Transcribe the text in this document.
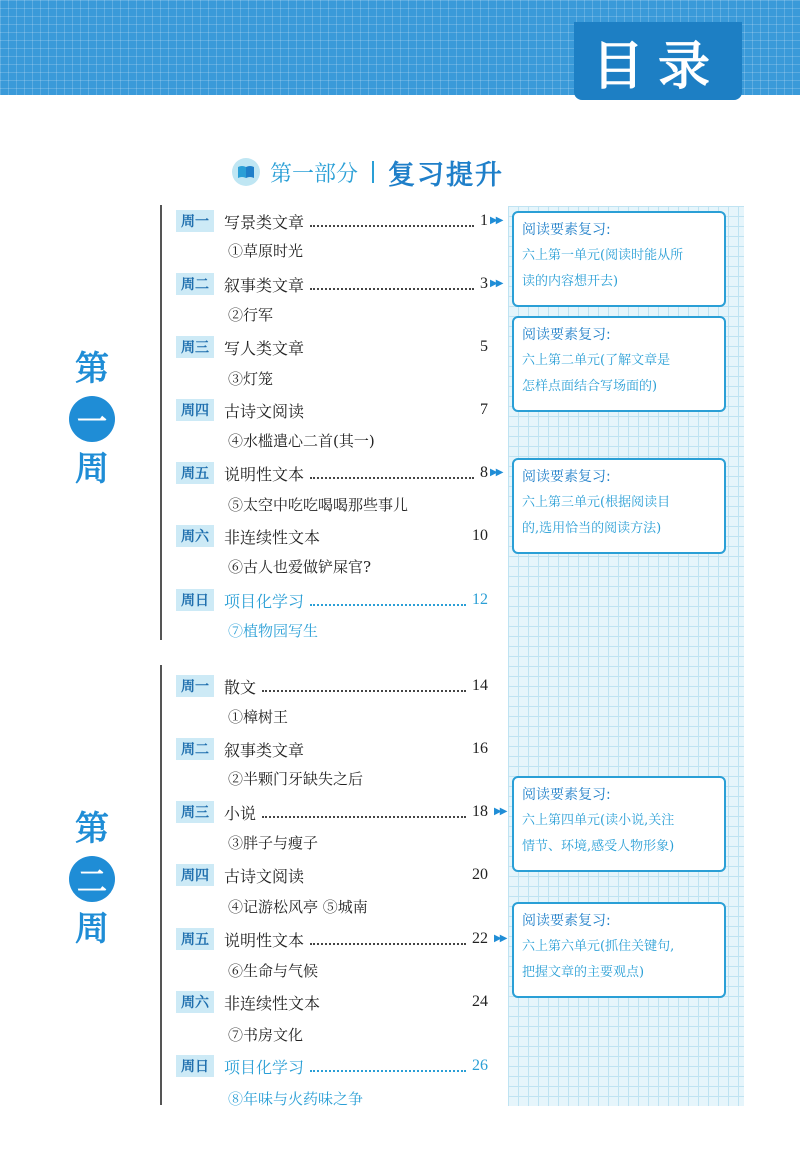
目录
第一部分 复习提升
第
一
周
第
二
周
周一 写景类文章	1
①草原时光
周二 叙事类文章	3
②行军
周三 写人类文章	5
③灯笼
周四 古诗文阅读	7
④水槛遣心二首(其一)
周五 说明性文本	8
⑤太空中吃吃喝喝那些事儿
周六 非连续性文本	10
⑥古人也爱做铲屎官?
周日 项目化学习	12
⑦植物园写生
周一 散文	14
①樟树王
周二 叙事类文章	16
②半颗门牙缺失之后
周三 小说	18
③胖子与瘦子
周四 古诗文阅读	20
④记游松风亭 ⑤城南
周五 说明性文本	22
⑥生命与气候
周六 非连续性文本	24
⑦书房文化
周日 项目化学习	26
⑧年味与火药味之争
▶▶
▶▶
▶▶
▶▶
▶▶
阅读要素复习:
六上第一单元(阅读时能从所
读的内容想开去)
阅读要素复习:
六上第二单元(了解文章是
怎样点面结合写场面的)
阅读要素复习:
六上第三单元(根据阅读目
的,选用恰当的阅读方法)
阅读要素复习:
六上第四单元(读小说,关注
情节、环境,感受人物形象)
阅读要素复习:
六上第六单元(抓住关键句,
把握文章的主要观点)
